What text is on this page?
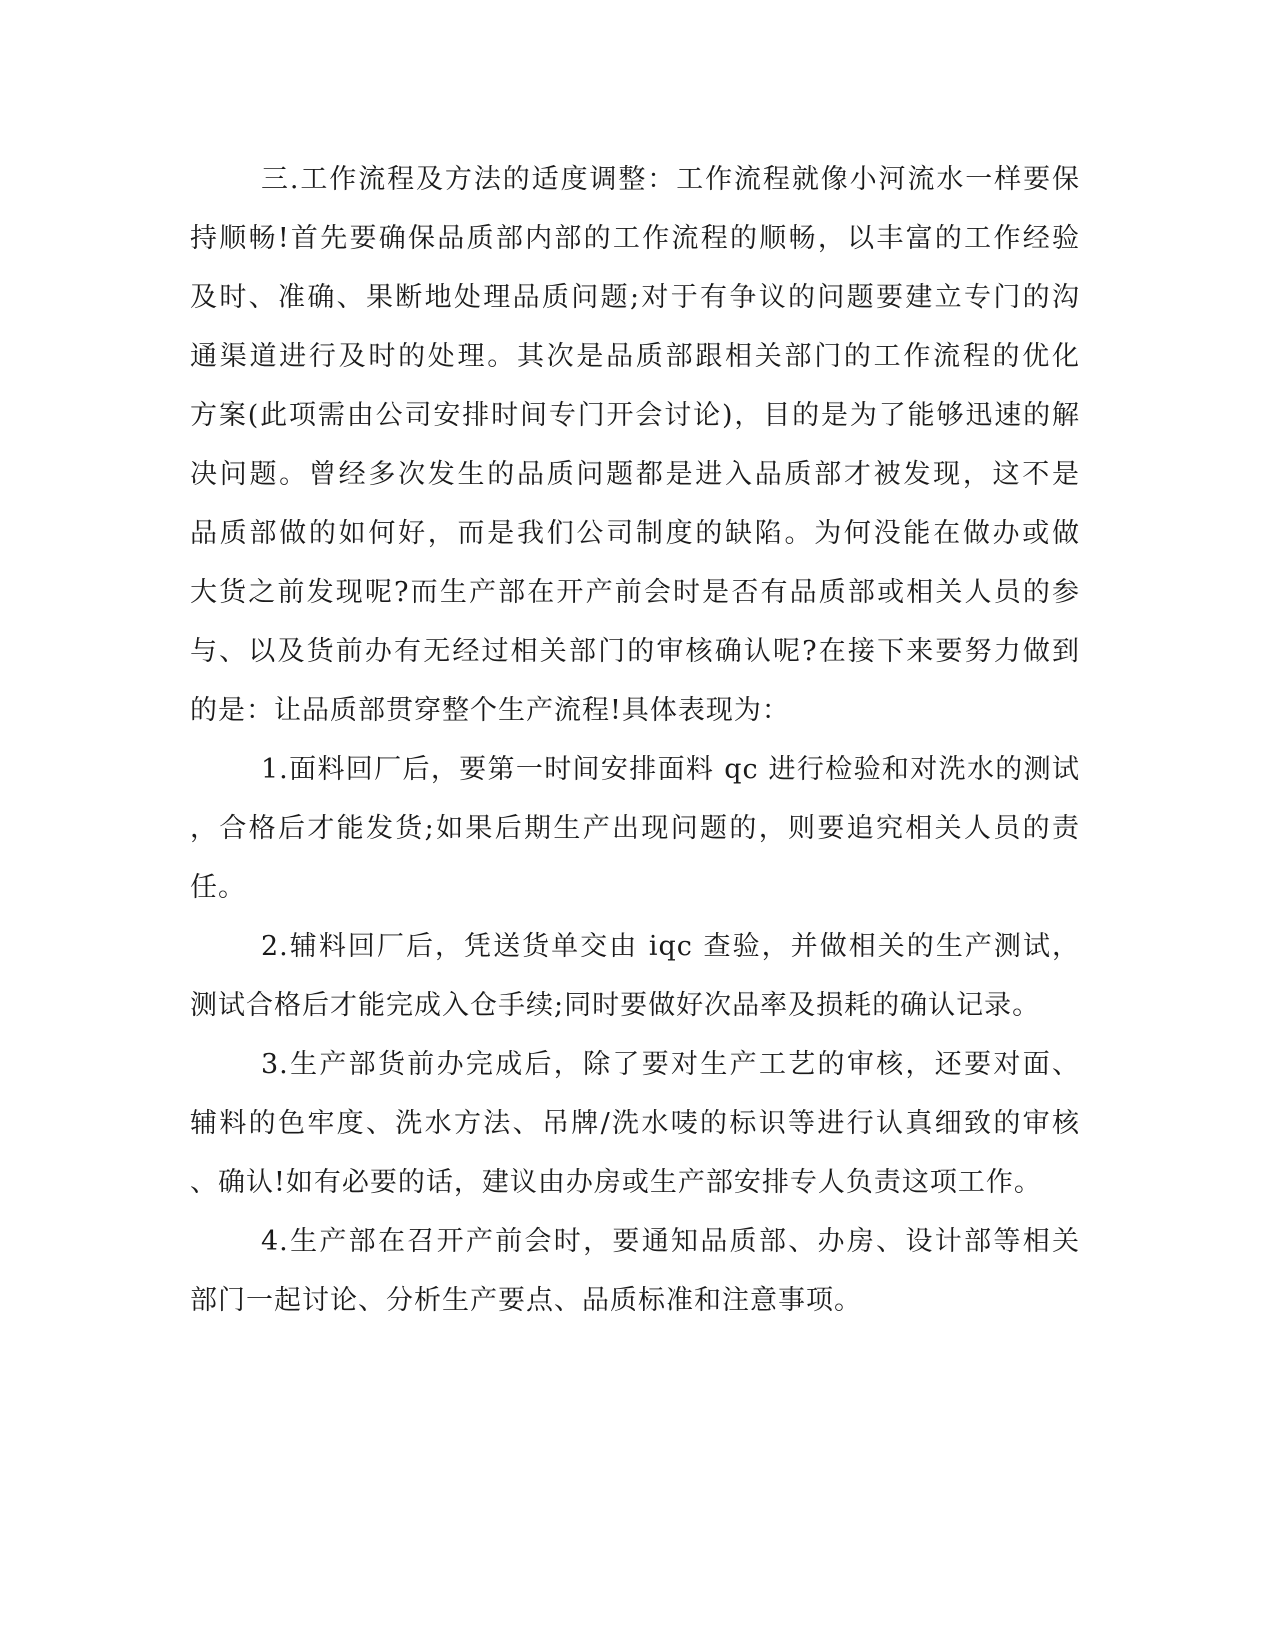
三.工作流程及方法的适度调整：工作流程就像小河流水一样要保
持顺畅!首先要确保品质部内部的工作流程的顺畅，以丰富的工作经验
及时、准确、果断地处理品质问题;对于有争议的问题要建立专门的沟
通渠道进行及时的处理。其次是品质部跟相关部门的工作流程的优化
方案(此项需由公司安排时间专门开会讨论)，目的是为了能够迅速的解
决问题。曾经多次发生的品质问题都是进入品质部才被发现，这不是
品质部做的如何好，而是我们公司制度的缺陷。为何没能在做办或做
大货之前发现呢?而生产部在开产前会时是否有品质部或相关人员的参
与、以及货前办有无经过相关部门的审核确认呢?在接下来要努力做到
的是：让品质部贯穿整个生产流程!具体表现为：
1.面料回厂后，要第一时间安排面料 qc 进行检验和对洗水的测试
，合格后才能发货;如果后期生产出现问题的，则要追究相关人员的责
任。
2.辅料回厂后，凭送货单交由 iqc 查验，并做相关的生产测试，
测试合格后才能完成入仓手续;同时要做好次品率及损耗的确认记录。
3.生产部货前办完成后，除了要对生产工艺的审核，还要对面、
辅料的色牢度、洗水方法、吊牌/洗水唛的标识等进行认真细致的审核
、确认!如有必要的话，建议由办房或生产部安排专人负责这项工作。
4.生产部在召开产前会时，要通知品质部、办房、设计部等相关
部门一起讨论、分析生产要点、品质标准和注意事项。
